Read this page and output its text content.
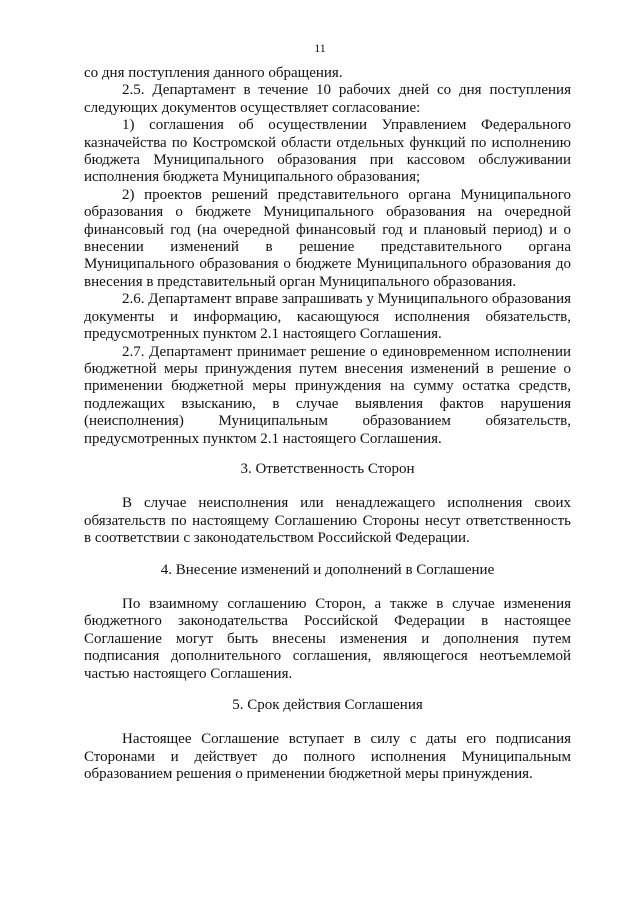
11

со дня поступления данного обращения.

2.5. Департамент в течение 10 рабочих дней со дня поступления следующих документов осуществляет согласование:

1) соглашения об осуществлении Управлением Федерального казначейства по Костромской области отдельных функций по исполнению бюджета Муниципального образования при кассовом обслуживании исполнения бюджета Муниципального образования;

2) проектов решений представительного органа Муниципального образования о бюджете Муниципального образования на очередной финансовый год (на очередной финансовый год и плановый период) и о внесении изменений в решение представительного органа Муниципального образования о бюджете Муниципального образования до внесения в представительный орган Муниципального образования.

2.6. Департамент вправе запрашивать у Муниципального образования документы и информацию, касающуюся исполнения обязательств, предусмотренных пунктом 2.1 настоящего Соглашения.

2.7. Департамент принимает решение о единовременном исполнении бюджетной меры принуждения путем внесения изменений в решение о применении бюджетной меры принуждения на сумму остатка средств, подлежащих взысканию, в случае выявления фактов нарушения (неисполнения) Муниципальным образованием обязательств, предусмотренных пунктом 2.1 настоящего Соглашения.

3. Ответственность Сторон

В случае неисполнения или ненадлежащего исполнения своих обязательств по настоящему Соглашению Стороны несут ответственность в соответствии с законодательством Российской Федерации.

4. Внесение изменений и дополнений в Соглашение

По взаимному соглашению Сторон, а также в случае изменения бюджетного законодательства Российской Федерации в настоящее Соглашение могут быть внесены изменения и дополнения путем подписания дополнительного соглашения, являющегося неотъемлемой частью настоящего Соглашения.

5. Срок действия Соглашения

Настоящее Соглашение вступает в силу с даты его подписания Сторонами и действует до полного исполнения Муниципальным образованием решения о применении бюджетной меры принуждения.
